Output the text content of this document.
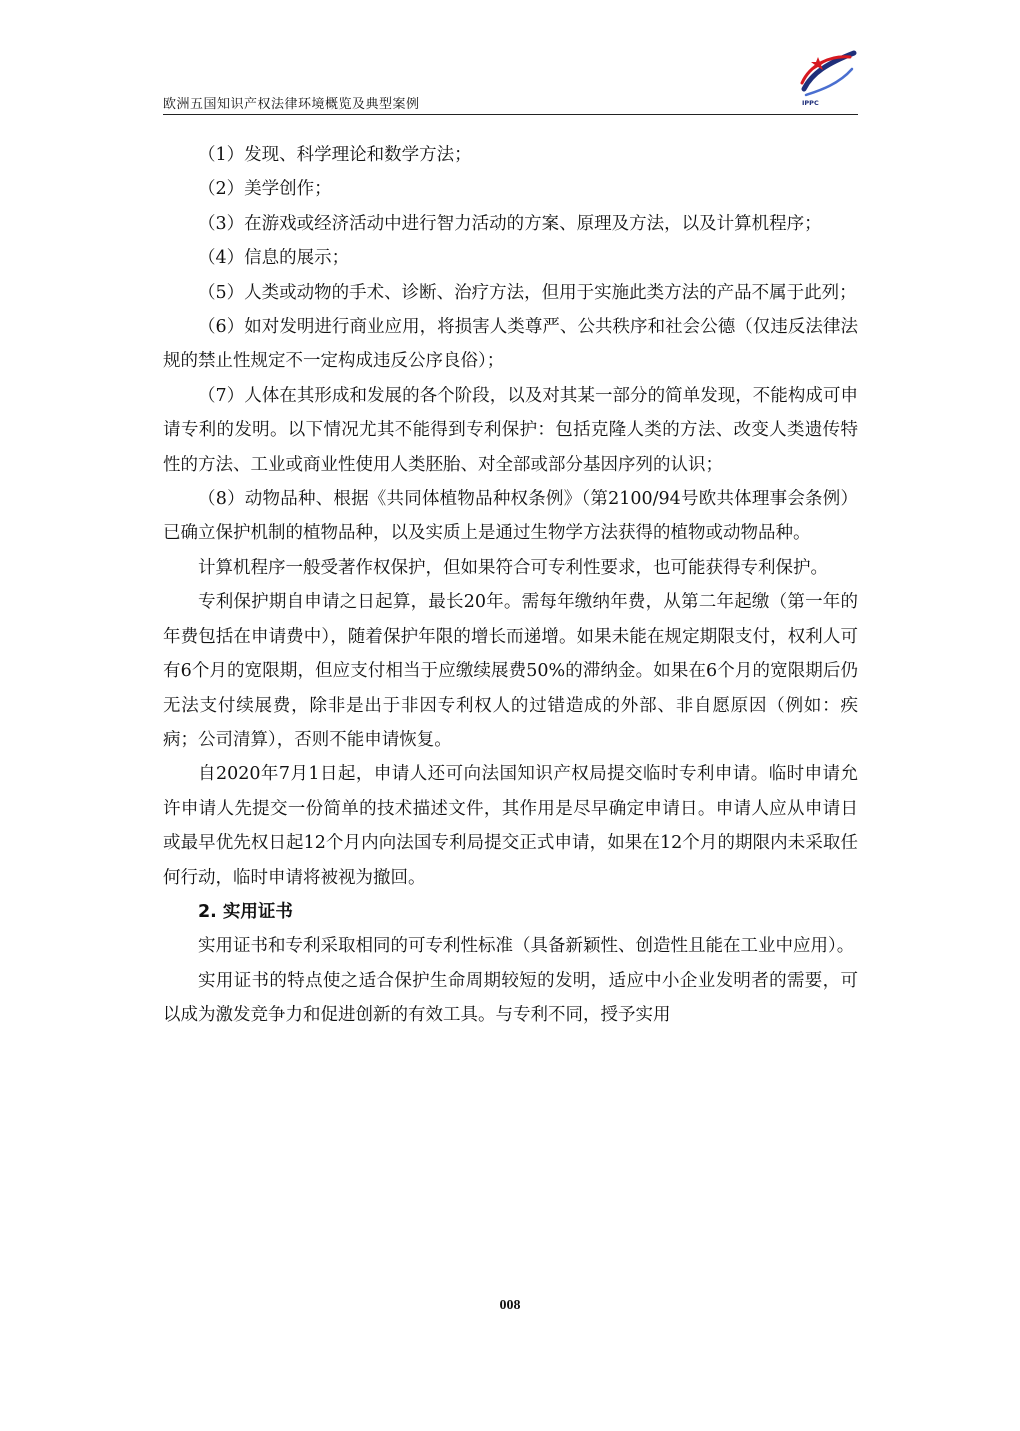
欧洲五国知识产权法律环境概览及典型案例	IPPC

（1）发现、科学理论和数学方法；

（2）美学创作；

（3）在游戏或经济活动中进行智力活动的方案、原理及方法，以及计算机程序；

（4）信息的展示；

（5）人类或动物的手术、诊断、治疗方法，但用于实施此类方法的产品不属于此列；

（6）如对发明进行商业应用，将损害人类尊严、公共秩序和社会公德（仅违反法律法规的禁止性规定不一定构成违反公序良俗）；

（7）人体在其形成和发展的各个阶段，以及对其某一部分的简单发现，不能构成可申请专利的发明。以下情况尤其不能得到专利保护：包括克隆人类的方法、改变人类遗传特性的方法、工业或商业性使用人类胚胎、对全部或部分基因序列的认识；

（8）动物品种、根据《共同体植物品种权条例》（第2100/94号欧共体理事会条例）已确立保护机制的植物品种，以及实质上是通过生物学方法获得的植物或动物品种。

计算机程序一般受著作权保护，但如果符合可专利性要求，也可能获得专利保护。

专利保护期自申请之日起算，最长20年。需每年缴纳年费，从第二年起缴（第一年的年费包括在申请费中），随着保护年限的增长而递增。如果未能在规定期限支付，权利人可有6个月的宽限期，但应支付相当于应缴续展费50%的滞纳金。如果在6个月的宽限期后仍无法支付续展费，除非是出于非因专利权人的过错造成的外部、非自愿原因（例如：疾病；公司清算），否则不能申请恢复。

自2020年7月1日起，申请人还可向法国知识产权局提交临时专利申请。临时申请允许申请人先提交一份简单的技术描述文件，其作用是尽早确定申请日。申请人应从申请日或最早优先权日起12个月内向法国专利局提交正式申请，如果在12个月的期限内未采取任何行动，临时申请将被视为撤回。

2. 实用证书

实用证书和专利采取相同的可专利性标准（具备新颖性、创造性且能在工业中应用）。

实用证书的特点使之适合保护生命周期较短的发明，适应中小企业发明者的需要，可以成为激发竞争力和促进创新的有效工具。与专利不同，授予实用

008
